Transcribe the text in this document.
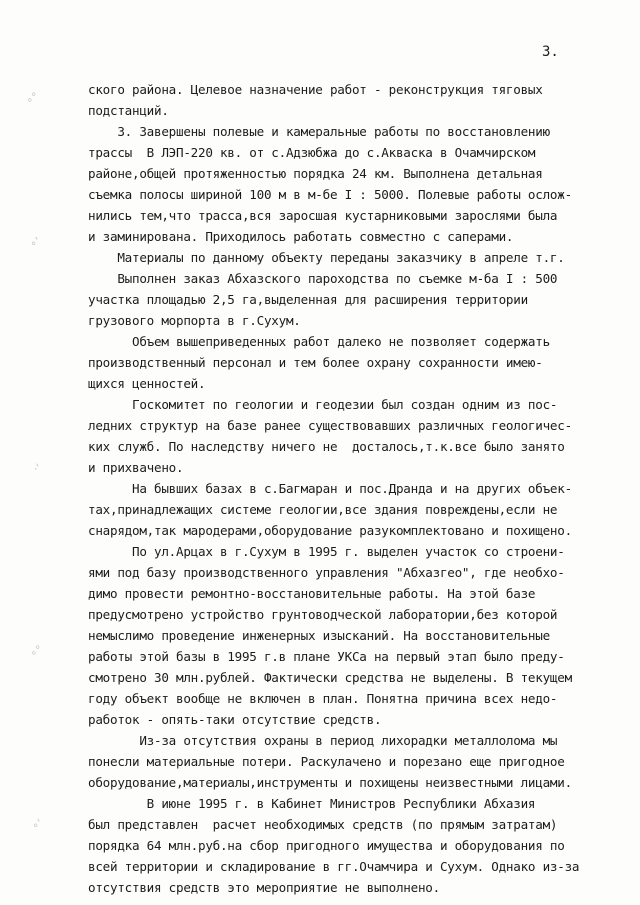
3.
∘°
∘'
·'
∘°
∘'
ского района. Целевое назначение работ - реконструкция тяговых
подстанций.
3. Завершены полевые и камеральные работы по восстановлению
трассы  В ЛЭП-220 кв. от с.Адзюбжа до с.Акваска в Очамчирском
районе,общей протяженностью порядка 24 км. Выполнена детальная
съемка полосы шириной 100 м в м-бе I : 5000. Полевые работы ослож-
нились тем,что трасса,вся заросшая кустарниковыми зарослями была
и заминирована. Приходилось работать совместно с саперами.
Материалы по данному объекту переданы заказчику в апреле т.г.
Выполнен заказ Абхазского пароходства по съемке м-ба I : 500
участка площадью 2,5 га,выделенная для расширения территории
грузового морпорта в г.Сухум.
Объем вышеприведенных работ далеко не позволяет содержать
производственный персонал и тем более охрану сохранности имею-
щихся ценностей.
Госкомитет по геологии и геодезии был создан одним из пос-
ледних структур на базе ранее существовавших различных геологичес-
ких служб. По наследству ничего не  досталось,т.к.все было занято
и прихвачено.
На бывших базах в с.Багмаран и пос.Дранда и на других объек-
тах,принадлежащих системе геологии,все здания повреждены,если не
снарядом,так мародерами,оборудование разукомплектовано и похищено.
По ул.Арцах в г.Сухум в 1995 г. выделен участок со строени-
ями под базу производственного управления "Абхазгео", где необхо-
димо провести ремонтно-восстановительные работы. На этой базе
предусмотрено устройство грунтоводческой лаборатории,без которой
немыслимо проведение инженерных изысканий. На восстановительные
работы этой базы в 1995 г.в плане УКСа на первый этап было преду-
смотрено 30 млн.рублей. Фактически средства не выделены. В текущем
году объект вообще не включен в план. Понятна причина всех недо-
работок - опять-таки отсутствие средств.
Из-за отсутствия охраны в период лихорадки металлолома мы
понесли материальные потери. Раскулачено и порезано еще пригодное
оборудование,материалы,инструменты и похищены неизвестными лицами.
В июне 1995 г. в Кабинет Министров Республики Абхазия
был представлен  расчет необходимых средств (по прямым затратам)
порядка 64 млн.руб.на сбор пригодного имущества и оборудования по
всей территории и складирование в гг.Очамчира и Сухум. Однако из-за
отсутствия средств это мероприятие не выполнено.
